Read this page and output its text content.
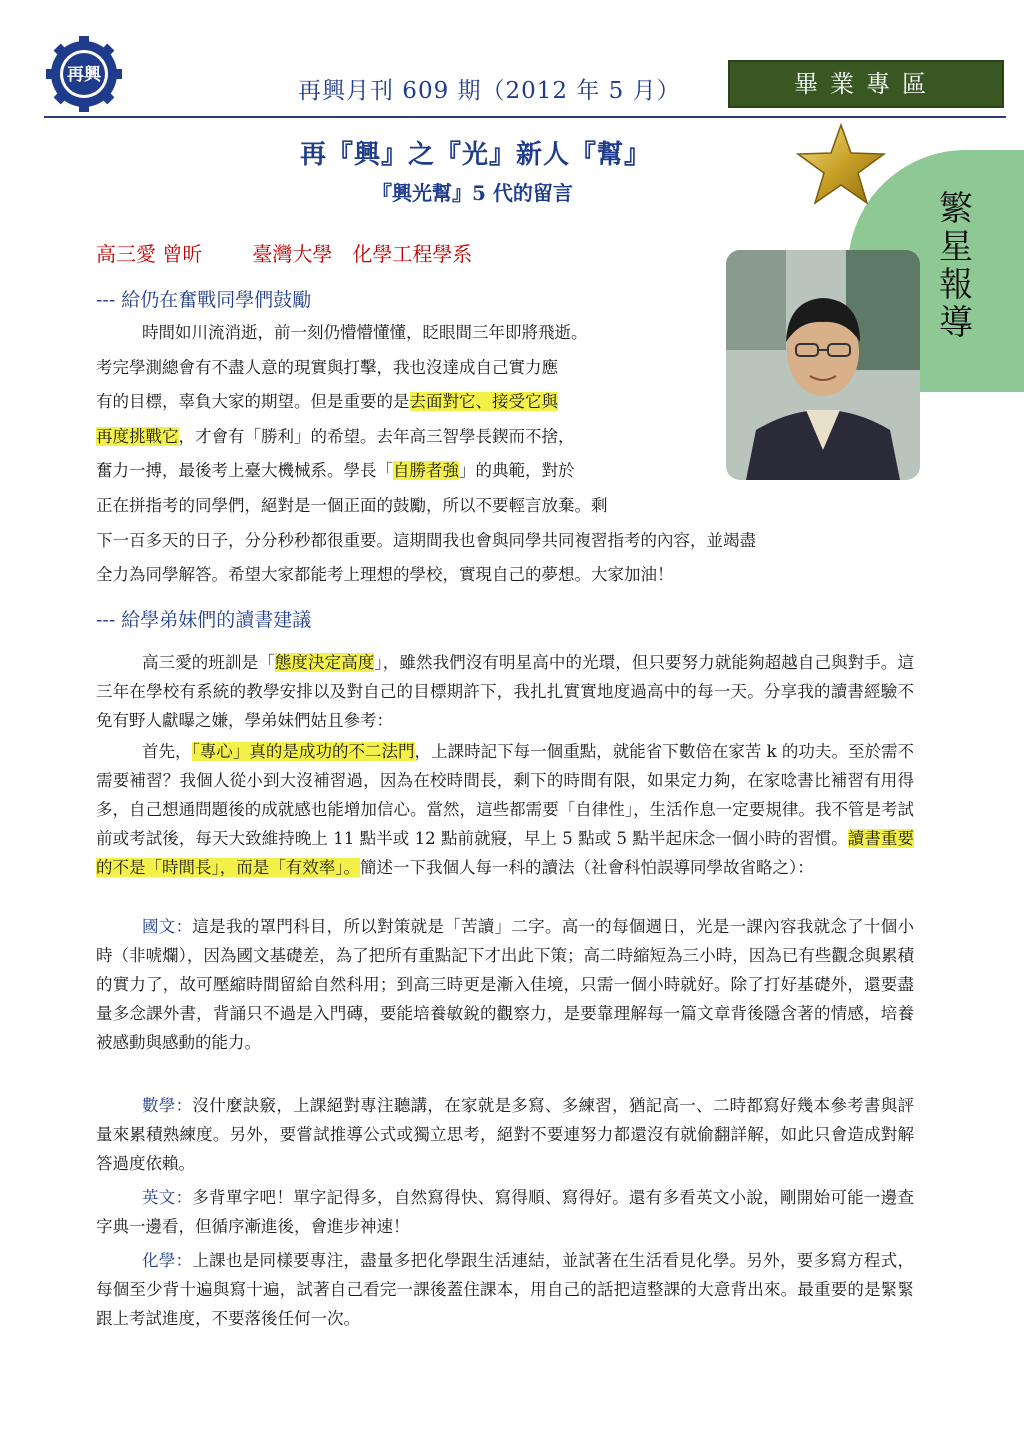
再興
再興月刊 609 期（2012 年 5 月）	畢業專區
繁星報導
再『興』之『光』新人『幫』
『興光幫』5 代的留言
高三愛 曾昕	臺灣大學　化學工程學系
--- 給仍在奮戰同學們鼓勵
時間如川流消逝，前一刻仍懵懵懂懂，眨眼間三年即將飛逝。
考完學測總會有不盡人意的現實與打擊，我也沒達成自己實力應
有的目標，辜負大家的期望。但是重要的是去面對它、接受它與
再度挑戰它，才會有「勝利」的希望。去年高三智學長鍥而不捨，
奮力一搏，最後考上臺大機械系。學長「自勝者強」的典範，對於
正在拼指考的同學們，絕對是一個正面的鼓勵，所以不要輕言放棄。剩
下一百多天的日子，分分秒秒都很重要。這期間我也會與同學共同複習指考的內容，並竭盡
全力為同學解答。希望大家都能考上理想的學校，實現自己的夢想。大家加油！
--- 給學弟妹們的讀書建議
高三愛的班訓是「態度決定高度」，雖然我們沒有明星高中的光環，但只要努力就能夠超越自己與對手。這三年在學校有系統的教學安排以及對自己的目標期許下，我扎扎實實地度過高中的每一天。分享我的讀書經驗不免有野人獻曝之嫌，學弟妹們姑且參考：
首先，「專心」真的是成功的不二法門，上課時記下每一個重點，就能省下數倍在家苦 k 的功夫。至於需不需要補習？我個人從小到大沒補習過，因為在校時間長，剩下的時間有限，如果定力夠，在家唸書比補習有用得多，自己想通問題後的成就感也能增加信心。當然，這些都需要「自律性」，生活作息一定要規律。我不管是考試前或考試後，每天大致維持晚上 11 點半或 12 點前就寢，早上 5 點或 5 點半起床念一個小時的習慣。讀書重要的不是「時間長」，而是「有效率」。簡述一下我個人每一科的讀法（社會科怕誤導同學故省略之）：
國文：這是我的罩門科目，所以對策就是「苦讀」二字。高一的每個週日，光是一課內容我就念了十個小時（非唬爛），因為國文基礎差，為了把所有重點記下才出此下策；高二時縮短為三小時，因為已有些觀念與累積的實力了，故可壓縮時間留給自然科用；到高三時更是漸入佳境，只需一個小時就好。除了打好基礎外，還要盡量多念課外書，背誦只不過是入門磚，要能培養敏銳的觀察力，是要靠理解每一篇文章背後隱含著的情感，培養被感動與感動的能力。
數學：沒什麼訣竅，上課絕對專注聽講，在家就是多寫、多練習，猶記高一、二時都寫好幾本參考書與評量來累積熟練度。另外，要嘗試推導公式或獨立思考，絕對不要連努力都還沒有就偷翻詳解，如此只會造成對解答過度依賴。
英文：多背單字吧！單字記得多，自然寫得快、寫得順、寫得好。還有多看英文小說，剛開始可能一邊查字典一邊看，但循序漸進後，會進步神速！
化學：上課也是同樣要專注，盡量多把化學跟生活連結，並試著在生活看見化學。另外，要多寫方程式，每個至少背十遍與寫十遍，試著自己看完一課後蓋住課本，用自己的話把這整課的大意背出來。最重要的是緊緊跟上考試進度，不要落後任何一次。
